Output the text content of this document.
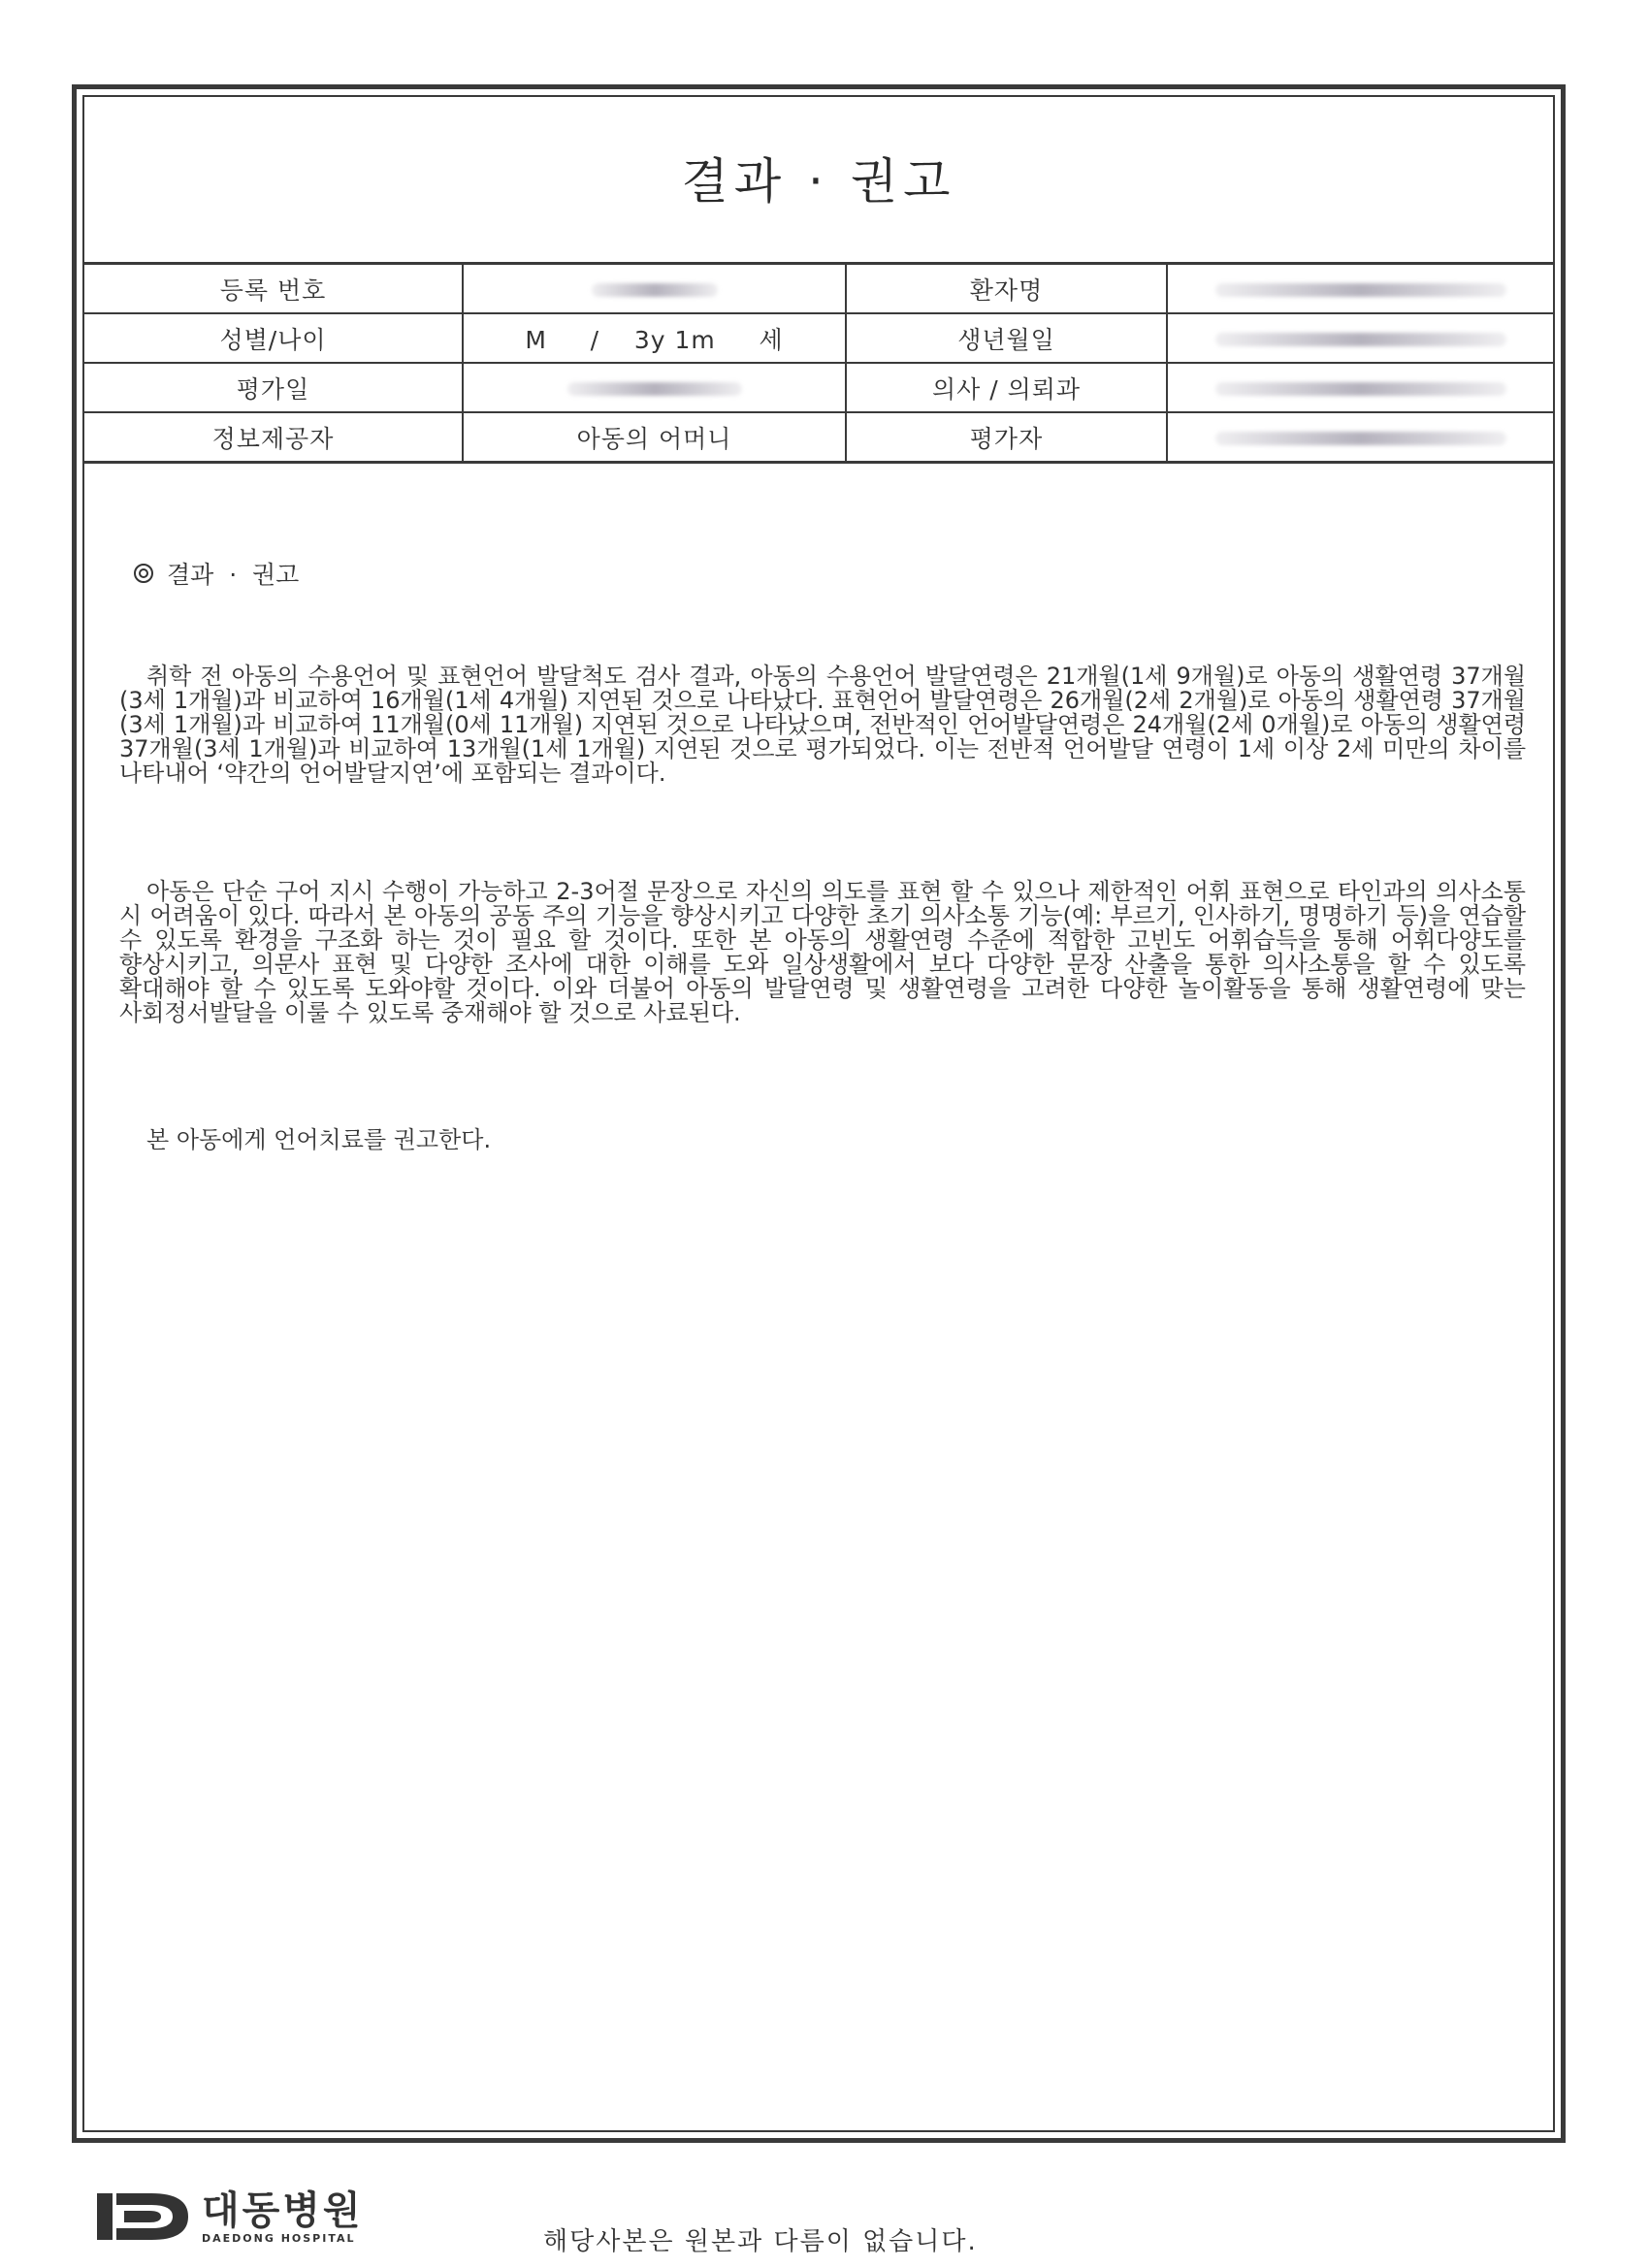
결과 · 권고
등록 번호		환자명	
성별/나이	M     /    3y 1m     세	생년월일	
평가일		의사 / 의뢰과	
정보제공자	아동의 어머니	평가자	
결과  ·  권고

취학 전 아동의 수용언어 및 표현언어 발달척도 검사 결과, 아동의 수용언어 발달연령은 21개월(1세 9개월)로 아동의 생활연령 37개월(3세 1개월)과 비교하여 16개월(1세 4개월) 지연된 것으로 나타났다. 표현언어 발달연령은 26개월(2세 2개월)로 아동의 생활연령 37개월(3세 1개월)과 비교하여 11개월(0세 11개월) 지연된 것으로 나타났으며, 전반적인 언어발달연령은 24개월(2세 0개월)로 아동의 생활연령 37개월(3세 1개월)과 비교하여 13개월(1세 1개월) 지연된 것으로 평가되었다. 이는 전반적 언어발달 연령이 1세 이상 2세 미만의 차이를 나타내어 ‘약간의 언어발달지연’에 포함되는 결과이다.

아동은 단순 구어 지시 수행이 가능하고 2-3어절 문장으로 자신의 의도를 표현 할 수 있으나 제한적인 어휘 표현으로 타인과의 의사소통 시 어려움이 있다. 따라서 본 아동의 공동 주의 기능을 향상시키고 다양한 초기 의사소통 기능(예: 부르기, 인사하기, 명명하기 등)을 연습할 수 있도록 환경을 구조화 하는 것이 필요 할 것이다. 또한 본 아동의 생활연령 수준에 적합한 고빈도 어휘습득을 통해 어휘다양도를 향상시키고, 의문사 표현 및 다양한 조사에 대한 이해를 도와 일상생활에서 보다 다양한 문장 산출을 통한 의사소통을 할 수 있도록 확대해야 할 수 있도록 도와야할 것이다. 이와 더불어 아동의 발달연령 및 생활연령을 고려한 다양한 놀이활동을 통해 생활연령에 맞는 사회정서발달을 이룰 수 있도록 중재해야 할 것으로 사료된다.

본 아동에게 언어치료를 권고한다.

대동병원
DAEDONG HOSPITAL	해당사본은 원본과 다름이 없습니다.
